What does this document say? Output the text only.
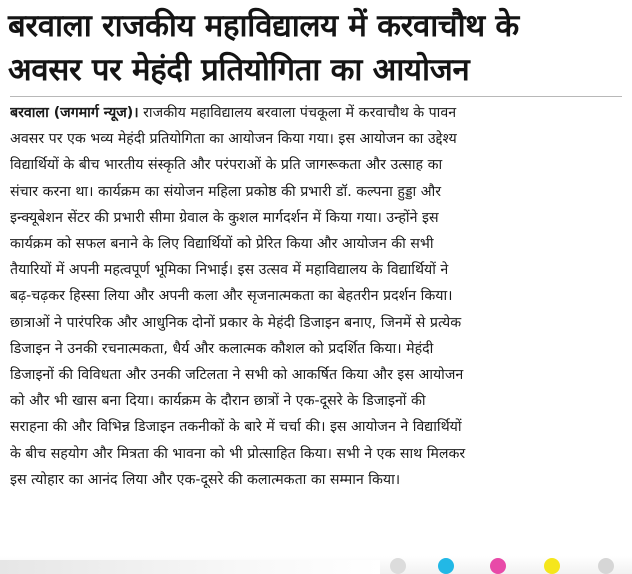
बरवाला राजकीय महाविद्यालय में करवाचौथ के
अवसर पर मेहंदी प्रतियोगिता का आयोजन
बरवाला (जगमार्ग न्यूज)। राजकीय महाविद्यालय बरवाला पंचकूला में करवाचौथ के पावन
अवसर पर एक भव्य मेहंदी प्रतियोगिता का आयोजन किया गया। इस आयोजन का उद्देश्य
विद्यार्थियों के बीच भारतीय संस्कृति और परंपराओं के प्रति जागरूकता और उत्साह का
संचार करना था। कार्यक्रम का संयोजन महिला प्रकोष्ठ की प्रभारी डॉ. कल्पना हुड्डा और
इन्क्यूबेशन सेंटर की प्रभारी सीमा ग्रेवाल के कुशल मार्गदर्शन में किया गया। उन्होंने इस
कार्यक्रम को सफल बनाने के लिए विद्यार्थियों को प्रेरित किया और आयोजन की सभी
तैयारियों में अपनी महत्वपूर्ण भूमिका निभाई। इस उत्सव में महाविद्यालय के विद्यार्थियों ने
बढ़-चढ़कर हिस्सा लिया और अपनी कला और सृजनात्मकता का बेहतरीन प्रदर्शन किया।
छात्राओं ने पारंपरिक और आधुनिक दोनों प्रकार के मेहंदी डिजाइन बनाए, जिनमें से प्रत्येक
डिजाइन ने उनकी रचनात्मकता, धैर्य और कलात्मक कौशल को प्रदर्शित किया। मेहंदी
डिजाइनों की विविधता और उनकी जटिलता ने सभी को आकर्षित किया और इस आयोजन
को और भी खास बना दिया। कार्यक्रम के दौरान छात्रों ने एक-दूसरे के डिजाइनों की
सराहना की और विभिन्न डिजाइन तकनीकों के बारे में चर्चा की। इस आयोजन ने विद्यार्थियों
के बीच सहयोग और मित्रता की भावना को भी प्रोत्साहित किया। सभी ने एक साथ मिलकर
इस त्योहार का आनंद लिया और एक-दूसरे की कलात्मकता का सम्मान किया।
